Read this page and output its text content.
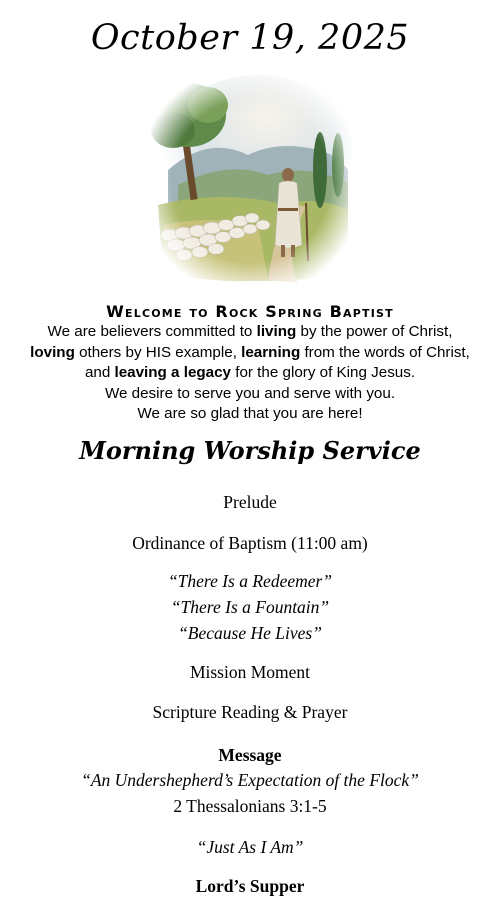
October 19, 2025
Welcome to Rock Spring Baptist
We are believers committed to living by the power of Christ,
loving others by HIS example, learning from the words of Christ,
and leaving a legacy for the glory of King Jesus.
We desire to serve you and serve with you.
We are so glad that you are here!
Morning Worship Service
Prelude
Ordinance of Baptism (11:00 am)
“There Is a Redeemer”
“There Is a Fountain”
“Because He Lives”
Mission Moment
Scripture Reading & Prayer
Message
“An Undershepherd’s Expectation of the Flock”
2 Thessalonians 3:1-5
“Just As I Am”
Lord’s Supper
